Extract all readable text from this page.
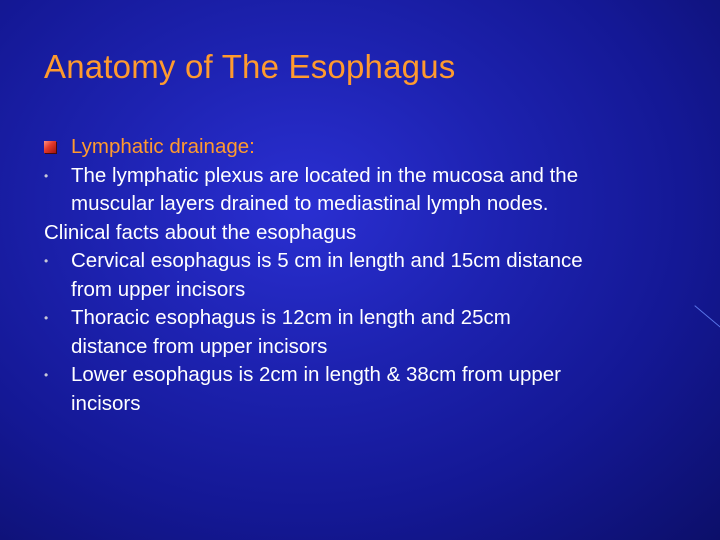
Anatomy of The Esophagus
Lymphatic drainage:
•	The lymphatic plexus are located in the mucosa and the
muscular layers drained to mediastinal lymph nodes.
Clinical facts about the esophagus
•	Cervical esophagus is 5 cm in length and 15cm distance
from upper incisors
•	Thoracic esophagus is 12cm in length and 25cm
distance from upper incisors
•	Lower esophagus is 2cm in length & 38cm from upper
incisors
